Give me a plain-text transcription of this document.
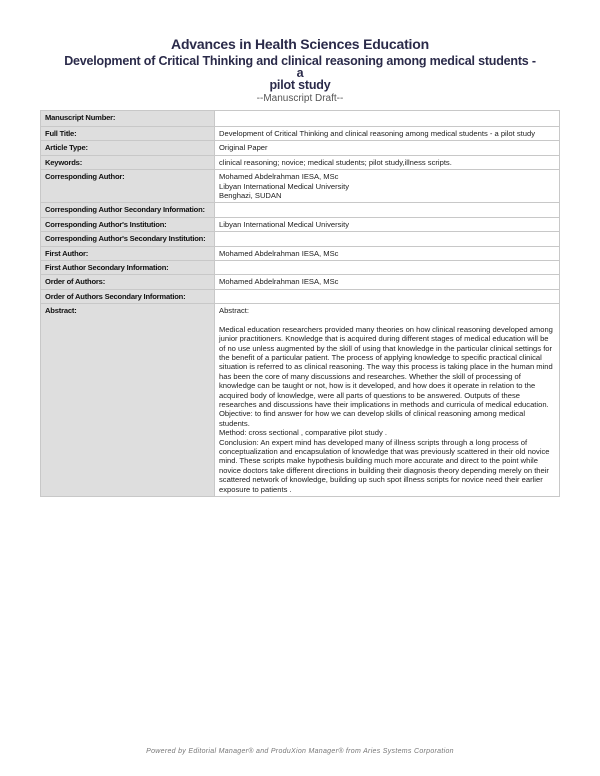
Advances in Health Sciences Education
Development of Critical Thinking and clinical reasoning among medical students - a
pilot study
--Manuscript Draft--
Manuscript Number:	
Full Title:	Development of Critical Thinking and clinical reasoning among medical students - a pilot study
Article Type:	Original Paper
Keywords:	clinical reasoning; novice; medical students; pilot study,illness scripts.
Corresponding Author:	Mohamed Abdelrahman IESA, MSc
Libyan International Medical University
Benghazi, SUDAN

Corresponding Author Secondary Information:	
Corresponding Author's Institution:	Libyan International Medical University
Corresponding Author's Secondary Institution:	
First Author:	Mohamed Abdelrahman IESA, MSc
First Author Secondary Information:	
Order of Authors:	Mohamed Abdelrahman IESA, MSc
Order of Authors Secondary Information:	
Abstract:	Abstract:

Medical education researchers provided many theories on how clinical reasoning developed among junior practitioners. Knowledge that is acquired during different stages of medical education will be of no use unless augmented by the skill of using that knowledge in the particular clinical settings for the benefit of a particular patient. The process of applying knowledge to specific practical clinical situation is referred to as clinical reasoning. The way this process is taking place in the human mind has been the core of many discussions and researches. Whether the skill of processing of knowledge can be taught or not, how is it developed, and how does it operate in relation to the acquired body of knowledge, were all parts of questions to be answered. Outputs of these researches and discussions have their implications in methods and curricula of medical education.

Objective: to find answer for how we can develop skills of clinical reasoning among medical students.

Method: cross sectional , comparative pilot study .

Conclusion: An expert mind has developed many of illness scripts through a long process of conceptualization and encapsulation of knowledge that was previously scattered in their old novice mind. These scripts make hypothesis building much more accurate and direct to the point while novice doctors take different directions in building their diagnosis theory depending merely on their scattered network of knowledge, building up such spot illness scripts for novice need their earlier exposure to patients .

Powered by Editorial Manager® and ProduXion Manager® from Aries Systems Corporation
